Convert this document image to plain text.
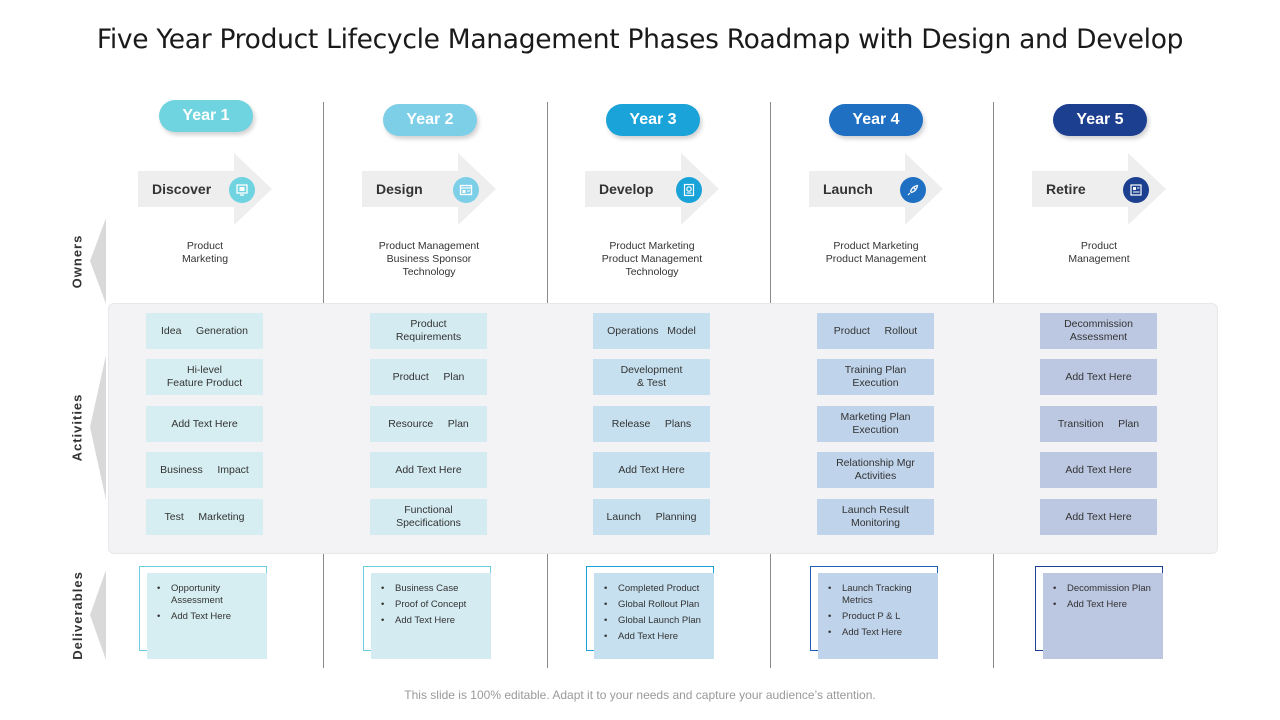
Five Year Product Lifecycle Management Phases Roadmap with Design and Develop
Owners
Activities
Deliverables
Year 1
Discover
Product
Marketing
Idea     Generation
Hi-level
Feature Product
Add Text Here
Business     Impact
Test     Marketing
• Opportunity Assessment
• Add Text Here
Year 2
Design
Product Management
Business Sponsor
Technology
Product
Requirements
Product     Plan
Resource     Plan
Add Text Here
Functional
Specifications
• Business Case
• Proof of Concept
• Add Text Here
Year 3
Develop
Product Marketing
Product Management
Technology
Operations   Model
Development
& Test
Release     Plans
Add Text Here
Launch     Planning
• Completed Product
• Global Rollout Plan
• Global Launch Plan
• Add Text Here
Year 4
Launch
Product Marketing
Product Management
Product     Rollout
Training Plan
Execution
Marketing Plan
Execution
Relationship Mgr
Activities
Launch Result
Monitoring
• Launch Tracking Metrics
• Product P & L
• Add Text Here
Year 5
Retire
Product
Management
Decommission
Assessment
Add Text Here
Transition     Plan
Add Text Here
Add Text Here
• Decommission Plan
• Add Text Here
This slide is 100% editable. Adapt it to your needs and capture your audience’s attention.
